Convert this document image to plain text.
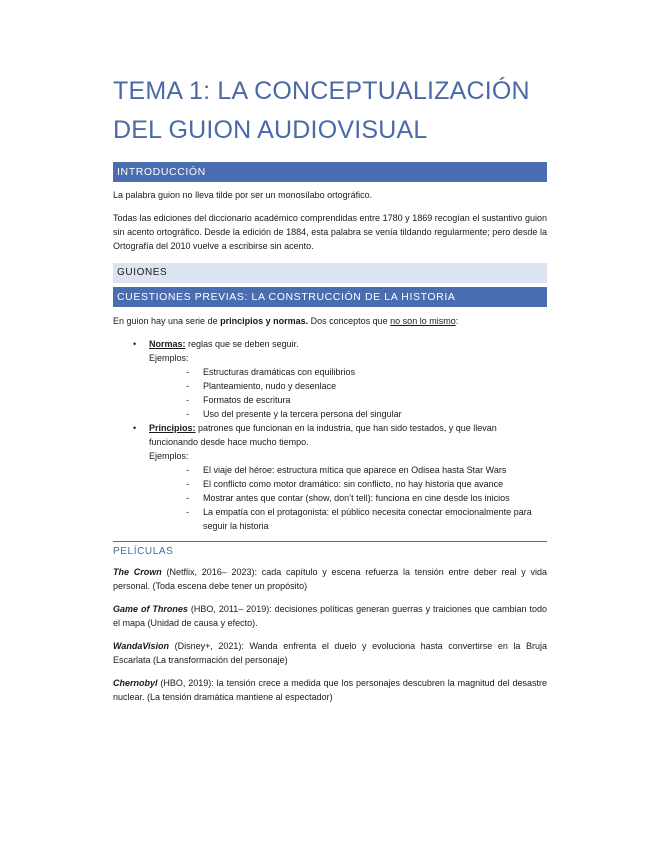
TEMA 1: LA CONCEPTUALIZACIÓN
DEL GUION AUDIOVISUAL
INTRODUCCIÓN

La palabra guion no lleva tilde por ser un monosílabo ortográfico.

Todas las ediciones del diccionario académico comprendidas entre 1780 y 1869 recogían el sustantivo guion sin acento ortográfico. Desde la edición de 1884, esta palabra se venía tildando regularmente; pero desde la Ortografía del 2010 vuelve a escribirse sin acento.

GUIONES
CUESTIONES PREVIAS: LA CONSTRUCCIÓN DE LA HISTORIA

En guion hay una serie de principios y normas. Dos conceptos que no son lo mismo:

• Normas: reglas que se deben seguir.
Ejemplos:
- Estructuras dramáticas con equilibrios
- Planteamiento, nudo y desenlace
- Formatos de escritura
- Uso del presente y la tercera persona del singular
• Principios: patrones que funcionan en la industria, que han sido testados, y que llevan
funcionando desde hace mucho tiempo.
Ejemplos:
- El viaje del héroe: estructura mítica que aparece en Odisea hasta Star Wars
- El conflicto como motor dramático: sin conflicto, no hay historia que avance
- Mostrar antes que contar (show, don’t tell): funciona en cine desde los inicios
- La empatía con el protagonista: el público necesita conectar emocionalmente para seguir la historia
PELÍCULAS

The Crown (Netflix, 2016– 2023): cada capítulo y escena refuerza la tensión entre deber real y vida personal. (Toda escena debe tener un propósito)

Game of Thrones (HBO, 2011– 2019): decisiones políticas generan guerras y traiciones que cambian todo el mapa (Unidad de causa y efecto).

WandaVision (Disney+, 2021): Wanda enfrenta el duelo y evoluciona hasta convertirse en la Bruja Escarlata (La transformación del personaje)

Chernobyl (HBO, 2019): la tensión crece a medida que los personajes descubren la magnitud del desastre nuclear. (La tensión dramática mantiene al espectador)
